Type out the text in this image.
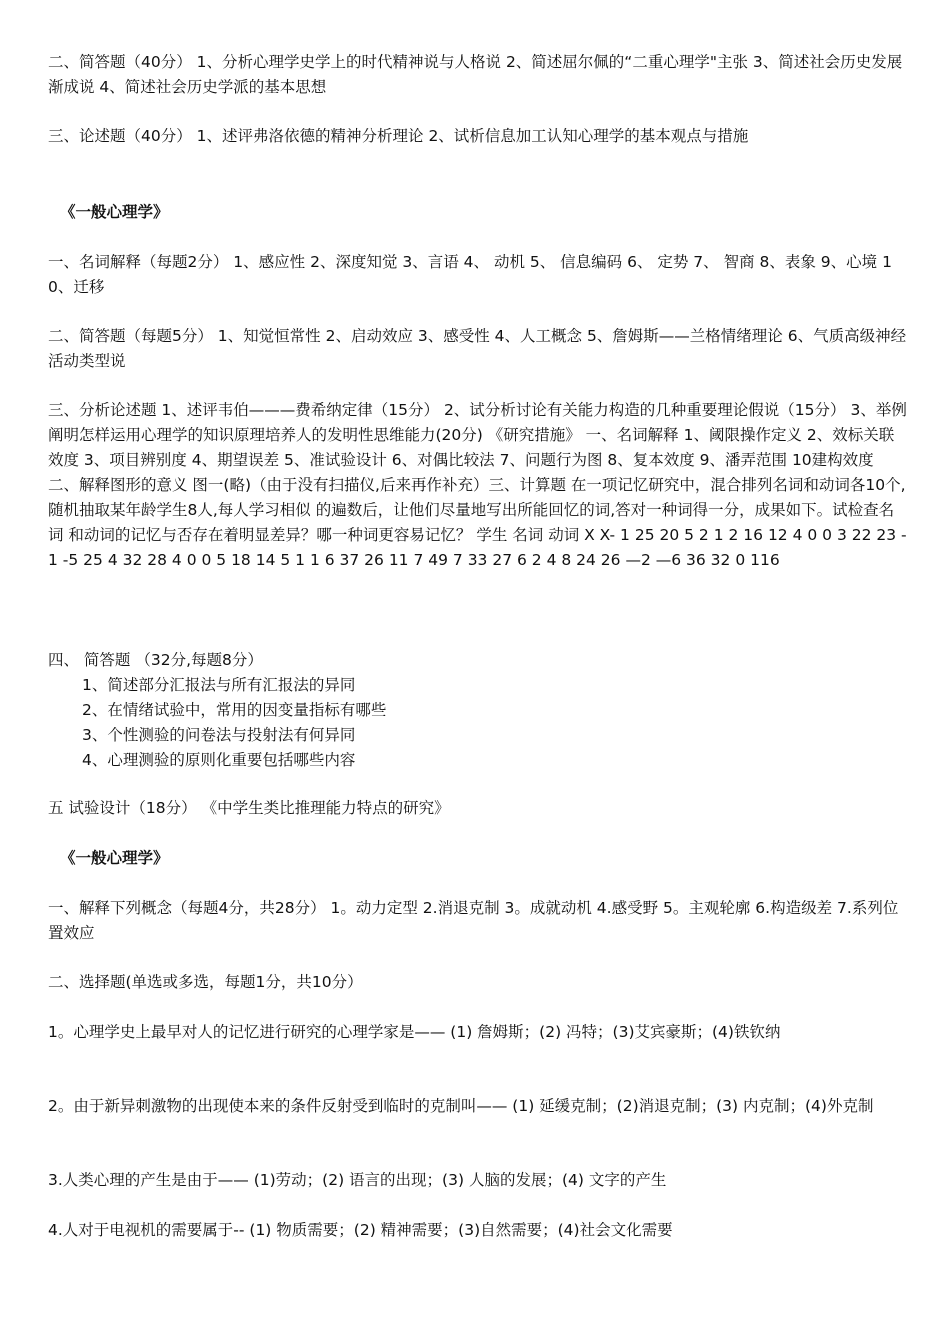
二、简答题（40分） 1、分析心理学史学上的时代精神说与人格说 2、简述屈尔佩的“二重心理学"主张 3、简述社会历史发展渐成说 4、简述社会历史学派的基本思想

三、论述题（40分） 1、述评弗洛依德的精神分析理论 2、试析信息加工认知心理学的基本观点与措施

《一般心理学》

一、名词解释（每题2分） 1、感应性 2、深度知觉 3、言语 4、 动机 5、 信息编码 6、 定势 7、 智商 8、表象 9、心境 10、迁移

二、简答题（每题5分） 1、知觉恒常性 2、启动效应 3、感受性 4、人工概念 5、詹姆斯——兰格情绪理论 6、气质高级神经活动类型说

三、分析论述题 1、述评韦伯———费希纳定律（15分） 2、试分析讨论有关能力构造的几种重要理论假说（15分） 3、举例阐明怎样运用心理学的知识原理培养人的发明性思维能力(20分) 《研究措施》 一、名词解释 1、阈限操作定义 2、效标关联效度 3、项目辨别度 4、期望误差 5、准试验设计 6、对偶比较法 7、问题行为图 8、复本效度 9、潘弄范围 10建构效度 二、解释图形的意义 图一(略)（由于没有扫描仪,后来再作补充）三、计算题 在一项记忆研究中，混合排列名词和动词各10个,随机抽取某年龄学生8人,每人学习相似 的遍数后，让他们尽量地写出所能回忆的词,答对一种词得一分，成果如下。试检查名词 和动词的记忆与否存在着明显差异？哪一种词更容易记忆？ 学生 名词 动词 X X- 1 25 20 5 2 1 2 16 12 4 0 0 3 22 23 -1 -5 25 4 32 28 4 0 0 5 18 14 5 1 1 6 37 26 11 7 49 7 33 27 6 2 4 8 24 26 —2 —6 36 32 0 116

四、 简答题 （32分,每题8分）
1、简述部分汇报法与所有汇报法的异同
2、在情绪试验中，常用的因变量指标有哪些
3、个性测验的问卷法与投射法有何异同
4、心理测验的原则化重要包括哪些内容

五 试验设计（18分） 《中学生类比推理能力特点的研究》

《一般心理学》

一、解释下列概念（每题4分，共28分） 1。动力定型 2.消退克制 3。成就动机 4.感受野 5。主观轮廓 6.构造级差 7.系列位置效应

二、选择题(单选或多选，每题1分，共10分）

1。心理学史上最早对人的记忆进行研究的心理学家是—— (1) 詹姆斯；(2) 冯特；(3)艾宾豪斯；(4)铁钦纳

2。由于新异刺激物的出现使本来的条件反射受到临时的克制叫—— (1) 延缓克制；(2)消退克制；(3) 内克制；(4)外克制

3.人类心理的产生是由于—— (1)劳动；(2) 语言的出现；(3) 人脑的发展；(4) 文字的产生

4.人对于电视机的需要属于-- (1) 物质需要；(2) 精神需要；(3)自然需要；(4)社会文化需要
